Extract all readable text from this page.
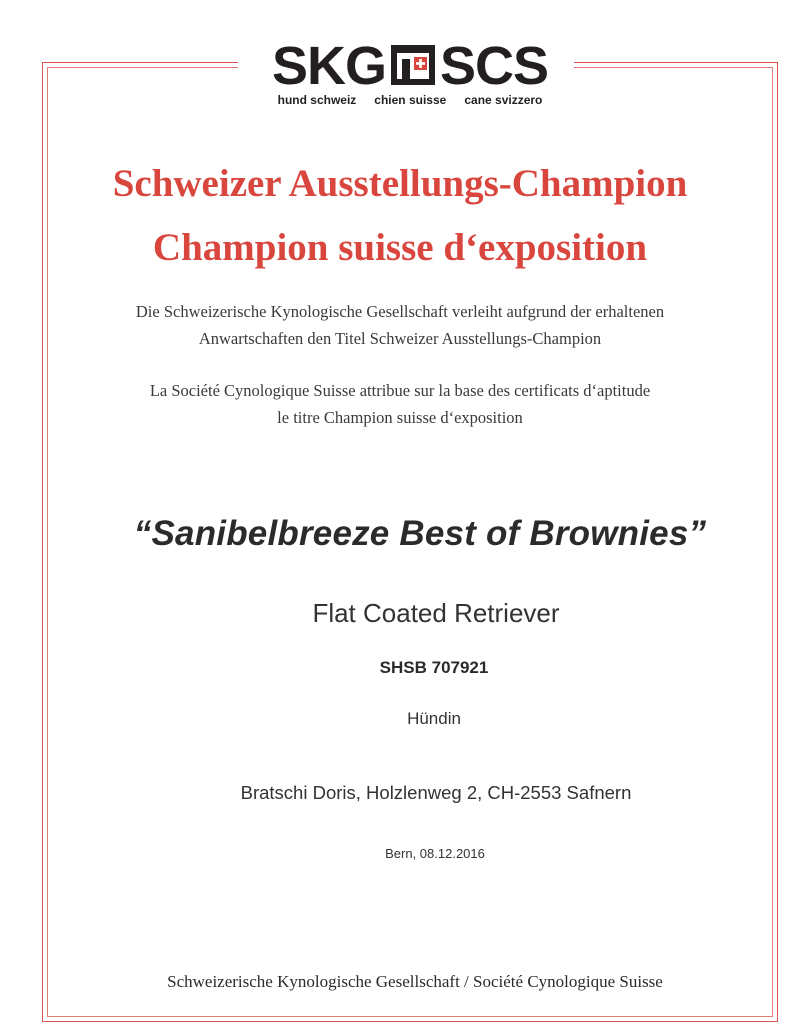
SKG SCS
hund schweiz chien suisse cane svizzero
Schweizer Ausstellungs-Champion
Champion suisse d‘exposition
Die Schweizerische Kynologische Gesellschaft verleiht aufgrund der erhaltenen
Anwartschaften den Titel Schweizer Ausstellungs-Champion
La Société Cynologique Suisse attribue sur la base des certificats d‘aptitude
le titre Champion suisse d‘exposition
“Sanibelbreeze Best of Brownies”
Flat Coated Retriever
SHSB 707921
Hündin
Bratschi Doris, Holzlenweg 2, CH-2553 Safnern
Bern, 08.12.2016
Schweizerische Kynologische Gesellschaft / Société Cynologique Suisse
